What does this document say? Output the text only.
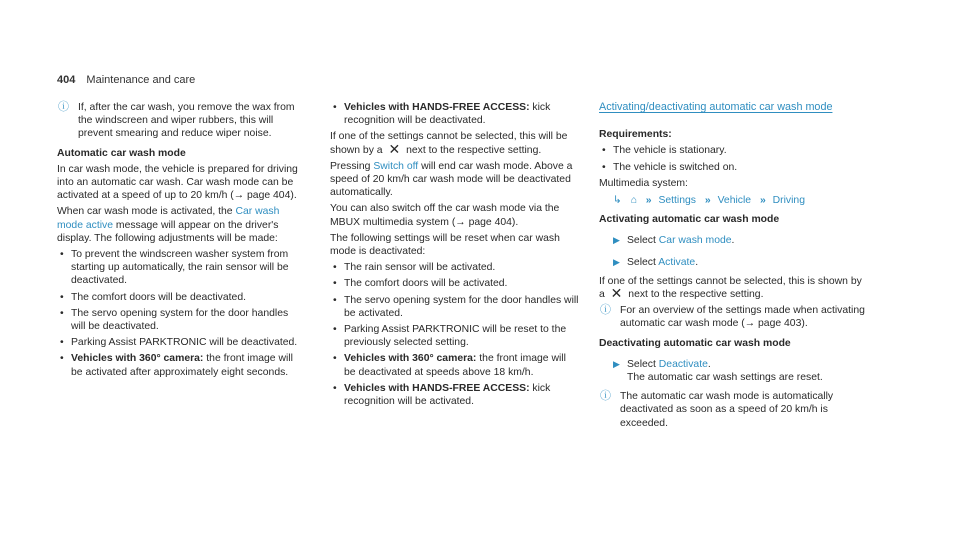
404 Maintenance and care
ⓘ If, after the car wash, you remove the wax from the windscreen and wiper rubbers, this will prevent smearing and reduce wiper noise.

Automatic car wash mode

In car wash mode, the vehicle is prepared for driving into an automatic car wash. Car wash mode can be activated at a speed of up to 20 km/h (→ page 404).

When car wash mode is activated, the Car wash mode active message will appear on the driver's display. The following adjustments will be made:

• To prevent the windscreen washer system from starting up automatically, the rain sensor will be deactivated.
• The comfort doors will be deactivated.
• The servo opening system for the door handles will be deactivated.
• Parking Assist PARKTRONIC will be deactivated.
• Vehicles with 360° camera: the front image will be activated after approximately eight seconds.
• Vehicles with HANDS-FREE ACCESS: kick recognition will be deactivated.

If one of the settings cannot be selected, this will be shown by a ✕ next to the respective setting.

Pressing Switch off will end car wash mode. Above a speed of 20 km/h car wash mode will be deactivated automatically.

You can also switch off the car wash mode via the MBUX multimedia system (→ page 404).

The following settings will be reset when car wash mode is deactivated:

• The rain sensor will be activated.
• The comfort doors will be activated.
• The servo opening system for the door handles will be activated.
• Parking Assist PARKTRONIC will be reset to the previously selected setting.
• Vehicles with 360° camera: the front image will be deactivated at speeds above 18 km/h.
• Vehicles with HANDS-FREE ACCESS: kick recognition will be activated.

Activating/deactivating automatic car wash mode

Requirements:

• The vehicle is stationary.
• The vehicle is switched on.

Multimedia system:

↳ ⌂ » Settings » Vehicle » Driving

Activating automatic car wash mode

▶ Select Car wash mode.
▶ Select Activate.

If one of the settings cannot be selected, this is shown by a ✕ next to the respective setting.

ⓘ For an overview of the settings made when activating automatic car wash mode (→ page 403).

Deactivating automatic car wash mode

▶ Select Deactivate.
The automatic car wash settings are reset.
ⓘ The automatic car wash mode is automatically deactivated as soon as a speed of 20 km/h is exceeded.
